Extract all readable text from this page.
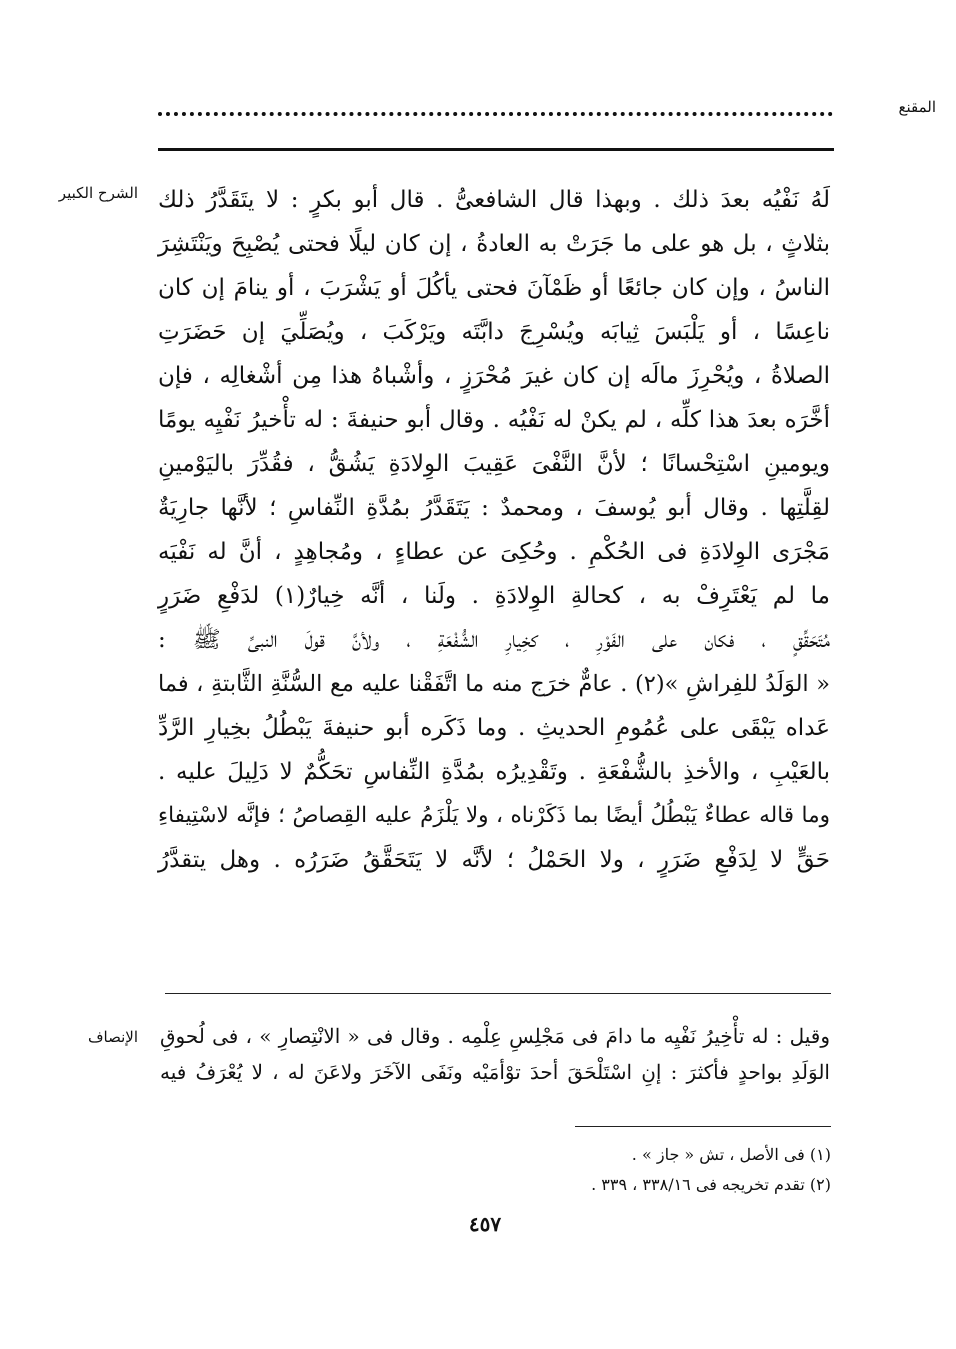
المقنع
الشرح الكبير لَهُ نَفْيُه بعدَ ذلك . وبهذا قال الشافعىُّ . قال أبو بكرٍ : لا يتَقَدَّرُ ذلك
بثلاثٍ ، بل هو على ما جَرَتْ به العادةُ ، إن كان ليلًا فحتى يُصْبِحَ ويَنْتَشِرَ
الناسُ ، وإن كان جائعًا أو ظَمْآنَ فحتى يأكُلَ أو يَشْرَبَ ، أو ينامَ إن كان
ناعِسًا ، أو يَلْبَسَ ثِيابَه ويُسْرِجَ دابَّتَه ويَرْكَبَ ، ويُصَلِّيَ إن حَضَرَتِ
الصلاةُ ، ويُحْرِزَ مالَه إن كان غيرَ مُحْرَزٍ ، وأشْباهُ هذا مِن أشْغالِه ، فإن
أخَّرَه بعدَ هذا كلِّه ، لم يكنْ له نَفْيُه . وقال أبو حنيفةَ : له تأْخيرُ نَفْيِه يومًا
ويومينِ اسْتِحْسانًا ؛ لأنَّ النَّفْىَ عَقِيبَ الوِلادَةِ يَشُقُّ ، فقُدِّرَ باليَوْمينِ
لقِلَّتِها . وقال أبو يُوسفَ ، ومحمدٌ : يَتَقَدَّرُ بمُدَّةِ النِّفاسِ ؛ لأنَّها جارِيَةٌ
مَجْرَى الوِلادَةِ فى الحُكْمِ . وحُكِىَ عن عطاءٍ ، ومُجاهِدٍ ، أنَّ له نَفْيَه
ما لم يَعْتَرِفْ به ، كحالةِ الوِلادَةِ . ولَنا ، أنَّه خِيارٌ(١) لدَفْعِ ضَرَرٍ
مُتَحَقِّقٍ ، فكان على الفَوْرِ ، كخِيارِ الشُّفْعَةِ ، ولأنَّ قولَ النبىِّ ﷺ :
« الوَلَدُ للفِراشِ »(٢) . عامٌّ خرَج منه ما اتَّفَقْنا عليه مع السُّنَّةِ الثَّابتةِ ، فما
عَداه يَبْقَى على عُمُومِ الحديثِ . وما ذَكَره أبو حنيفةَ يَبْطُلُ بخِيارِ الرَّدِّ
بالعَيْبِ ، والأخذِ بالشُّفْعَةِ . وتَقْدِيرُه بمُدَّةِ النِّفاسِ تحَكُّمٌ لا دَلِيلَ عليه .
وما قاله عطاءٌ يَبْطُلُ أيضًا بما ذَكَرْناه ، ولا يَلْزَمُ عليه القِصاصُ ؛ فإنَّه لاسْتِيفاءِ
حَقٍّ لا لِدَفْعِ ضَرَرٍ ، ولا الحَمْلُ ؛ لأنَّه لا يَتَحَقَّقُ ضَرَرُه . وهل يتقدَّرُ
الإنصاف وقيل : له تأْخِيرُ نَفْيِه ما دامَ فى مَجْلِسِ عِلْمِه . وقال فى « الانْتِصارِ » ، فى لُحوقِ
الوَلَدِ بواحدٍ فأكثرَ : إنِ اسْتَلْحَقَ أحدَ توْأمَيْه ونَفَى الآخَرَ ولاعَنَ له ، لا يُعْرَفُ فيه
(١) فى الأصل ، تش « جاز » .
(٢) تقدم تخريجه فى ٣٣٨/١٦ ، ٣٣٩ .
٤٥٧
